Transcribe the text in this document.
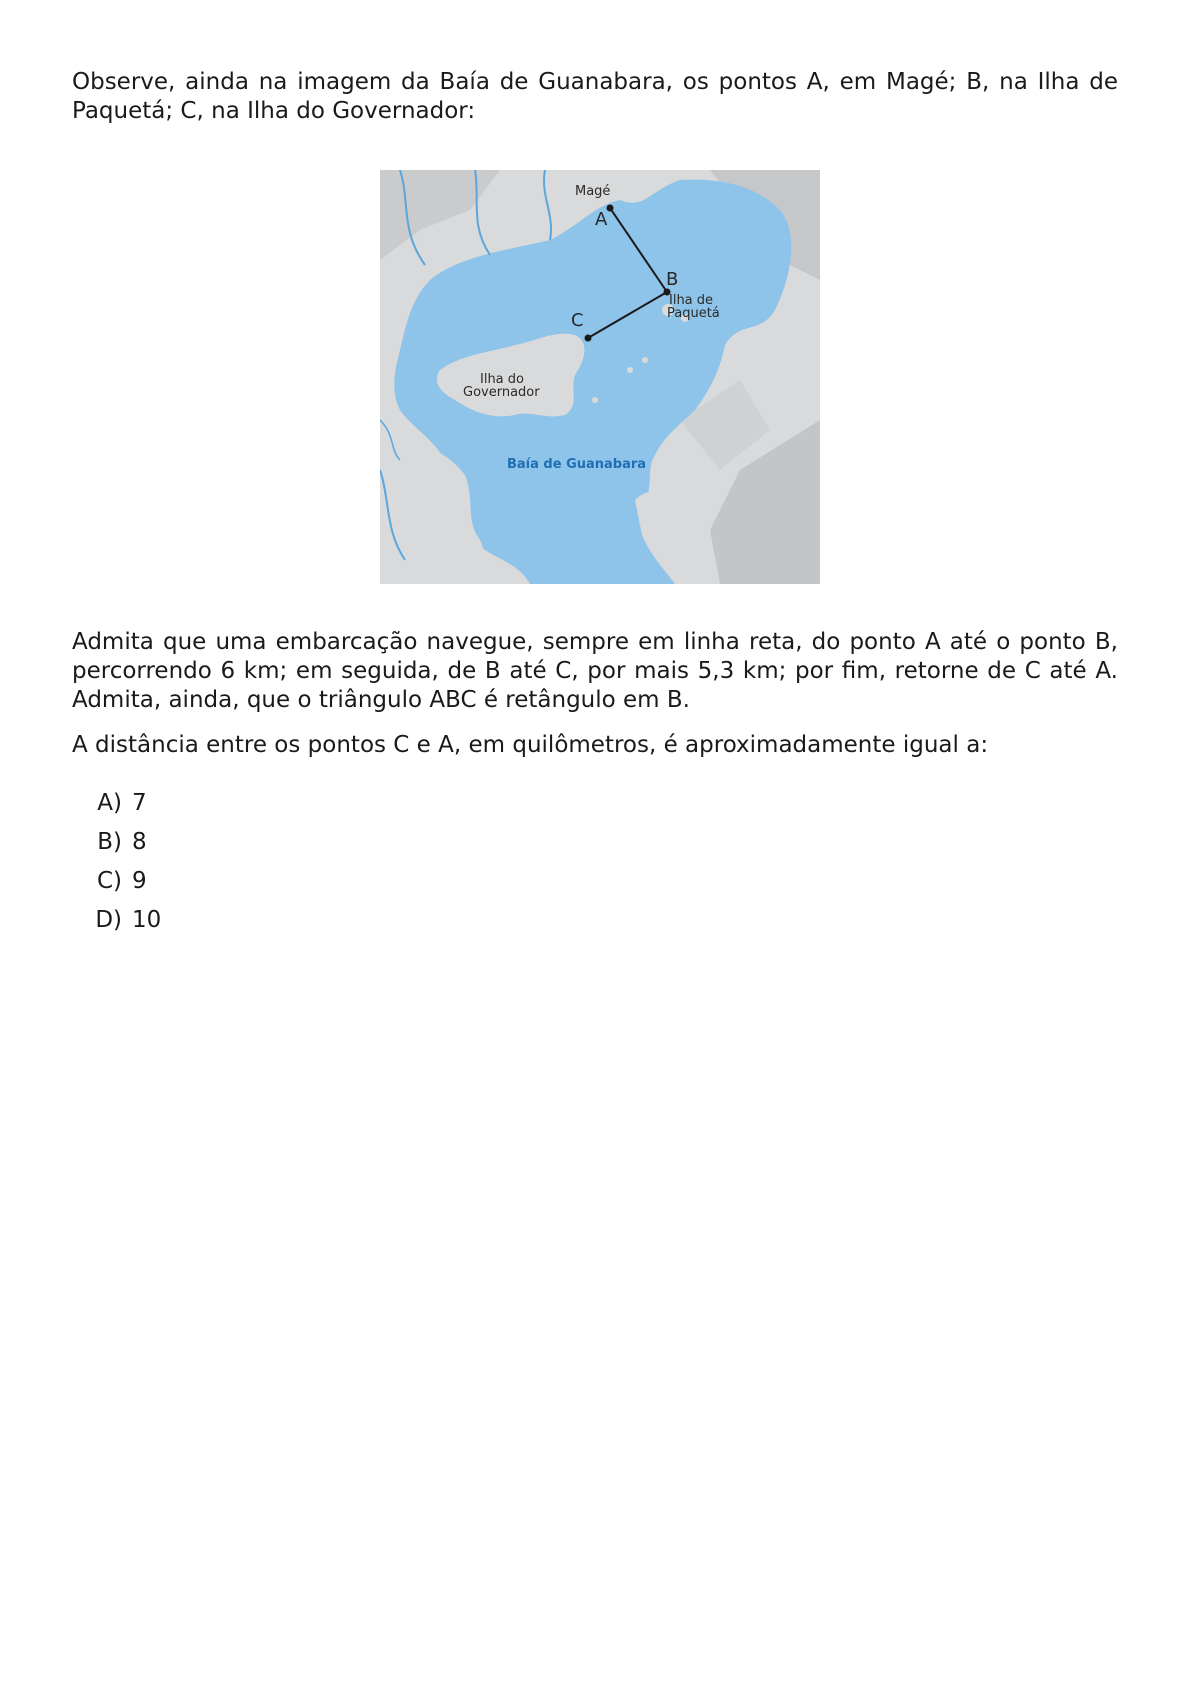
Observe, ainda na imagem da Baía de Guanabara, os pontos A, em Magé; B, na Ilha de Paquetá; C, na Ilha do Governador:

Magé
A
B
C
Ilha de
Paquetá
Ilha do
Governador
Baía de Guanabara

Admita que uma embarcação navegue, sempre em linha reta, do ponto A até o ponto B, percorrendo 6 km; em seguida, de B até C, por mais 5,3 km; por fim, retorne de C até A. Admita, ainda, que o triângulo ABC é retângulo em B.

A distância entre os pontos C e A, em quilômetros, é aproximadamente igual a:

A) 7
B) 8
C) 9
D) 10
